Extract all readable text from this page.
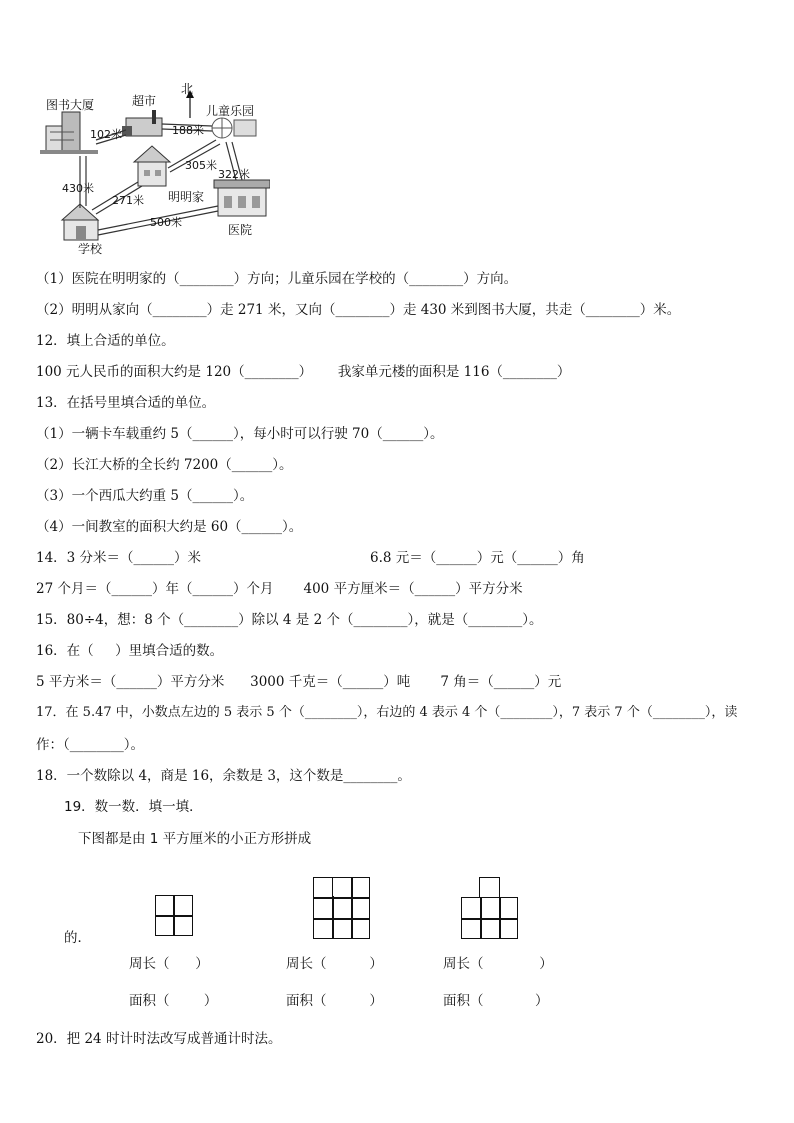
北
图书大厦	超市
儿童乐园
明明家
学校
医院
102米	188米
305米
322米
430米
271米
500米
（1）医院在明明家的（________）方向；儿童乐园在学校的（________）方向。
（2）明明从家向（________）走 271 米，又向（________）走 430 米到图书大厦，共走（________）米。
12．填上合适的单位。
100 元人民币的面积大约是 120（________）      我家单元楼的面积是 116（________）
13．在括号里填合适的单位。
（1）一辆卡车载重约 5（______），每小时可以行驶 70（______）。
（2）长江大桥的全长约 7200（______）。
（3）一个西瓜大约重 5（______）。
（4）一间教室的面积大约是 60（______）。
14．3 分米＝（______）米	6.8 元＝（______）元（______）角
27 个月＝（______）年（______）个月       400 平方厘米＝（______）平方分米
15．80÷4，想：8 个（________）除以 4 是 2 个（________），就是（________）。
16．在（     ）里填合适的数。
5 平方米＝（______）平方分米      3000 千克＝（______）吨       7 角＝（______）元
17．在 5.47 中，小数点左边的 5 表示 5 个（________），右边的 4 表示 4 个（________），7 表示 7 个（________），读
作：（________）。
18．一个数除以 4，商是 16，余数是 3，这个数是________。
19．数一数．填一填．
下图都是由 1 平方厘米的小正方形拼成
的．
20．把 24 时计时法改写成普通计时法。
周长（      ）	周长（          ）	周长（             ）
面积（        ）	面积（          ）	面积（            ）
